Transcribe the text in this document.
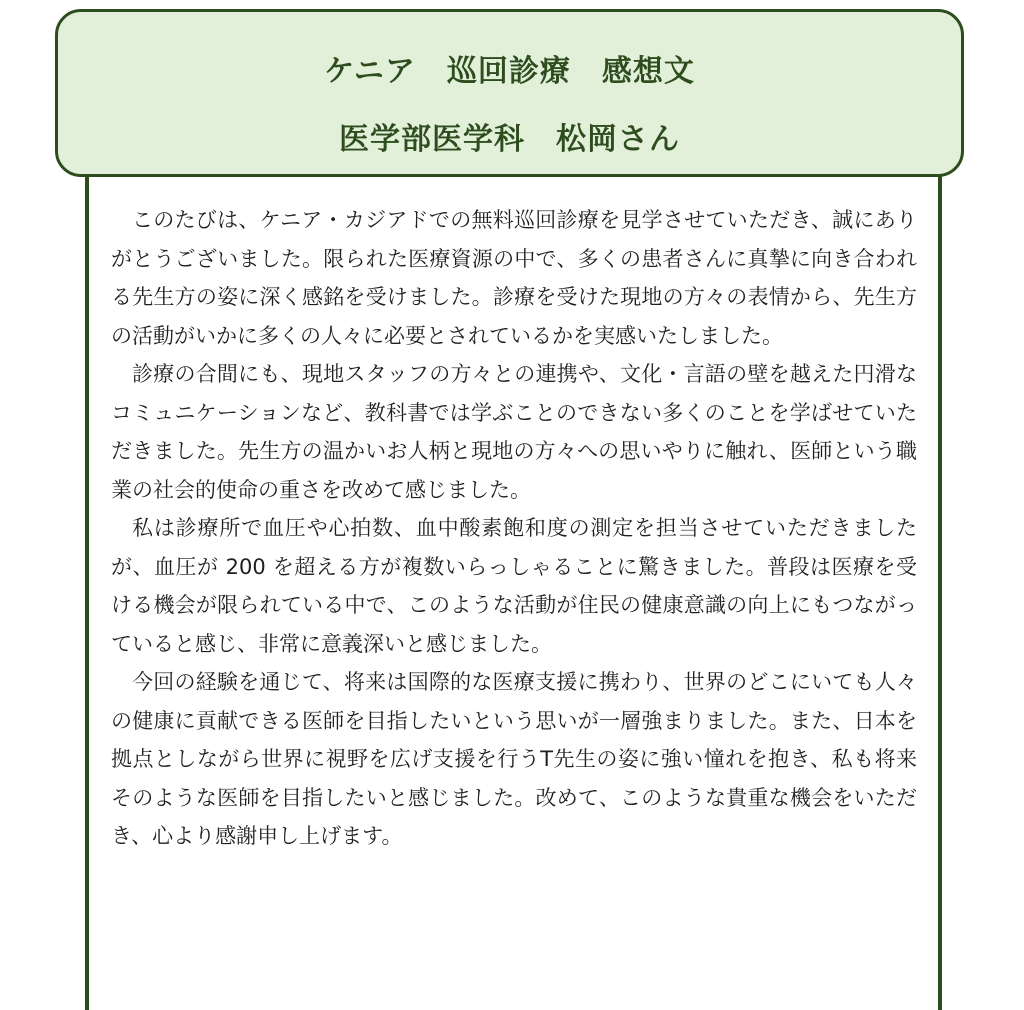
ケニア　巡回診療　感想文
医学部医学科　松岡さん

このたびは、ケニア・カジアドでの無料巡回診療を見学させていただき、誠にありがとうございました。限られた医療資源の中で、多くの患者さんに真摯に向き合われる先生方の姿に深く感銘を受けました。診療を受けた現地の方々の表情から、先生方の活動がいかに多くの人々に必要とされているかを実感いたしました。

診療の合間にも、現地スタッフの方々との連携や、文化・言語の壁を越えた円滑なコミュニケーションなど、教科書では学ぶことのできない多くのことを学ばせていただきました。先生方の温かいお人柄と現地の方々への思いやりに触れ、医師という職業の社会的使命の重さを改めて感じました。

私は診療所で血圧や心拍数、血中酸素飽和度の測定を担当させていただきましたが、血圧が 200 を超える方が複数いらっしゃることに驚きました。普段は医療を受ける機会が限られている中で、このような活動が住民の健康意識の向上にもつながっていると感じ、非常に意義深いと感じました。

今回の経験を通じて、将来は国際的な医療支援に携わり、世界のどこにいても人々の健康に貢献できる医師を目指したいという思いが一層強まりました。また、日本を拠点としながら世界に視野を広げ支援を行うT先生の姿に強い憧れを抱き、私も将来そのような医師を目指したいと感じました。改めて、このような貴重な機会をいただき、心より感謝申し上げます。
